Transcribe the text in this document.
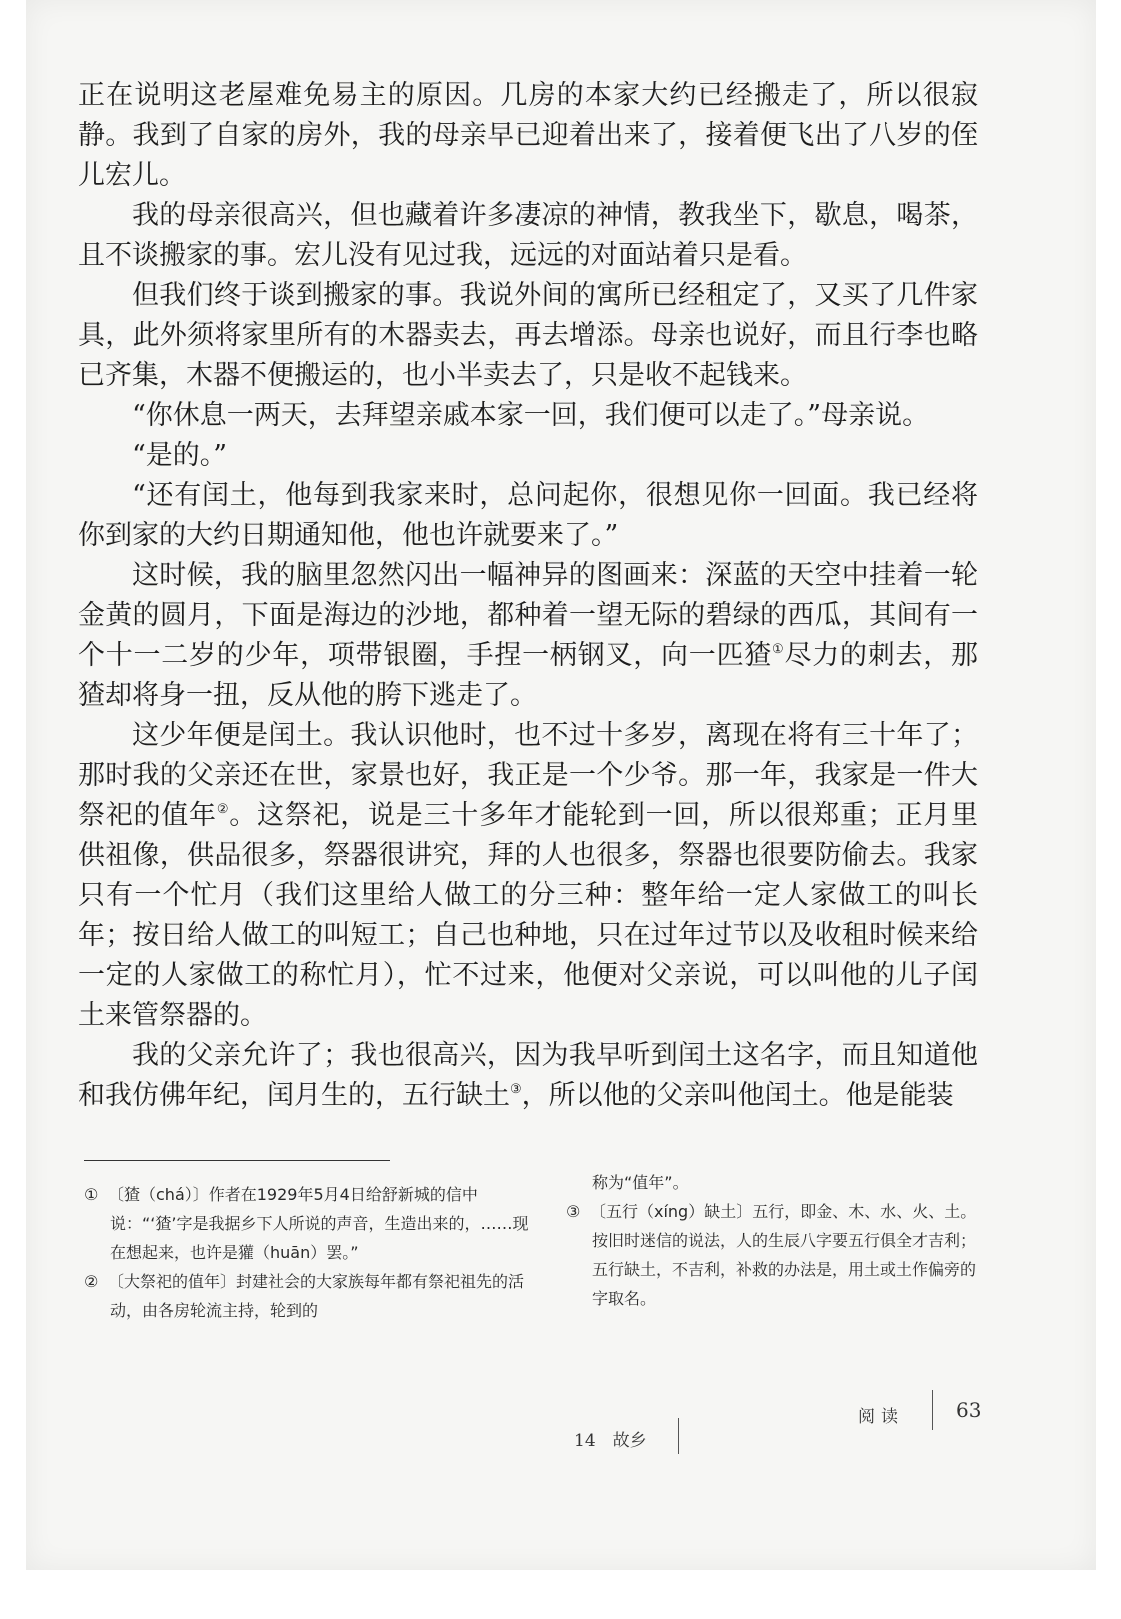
正在说明这老屋难免易主的原因。几房的本家大约已经搬走了，所以很寂静。我到了自家的房外，我的母亲早已迎着出来了，接着便飞出了八岁的侄儿宏儿。

我的母亲很高兴，但也藏着许多凄凉的神情，教我坐下，歇息，喝茶，且不谈搬家的事。宏儿没有见过我，远远的对面站着只是看。

但我们终于谈到搬家的事。我说外间的寓所已经租定了，又买了几件家具，此外须将家里所有的木器卖去，再去增添。母亲也说好，而且行李也略已齐集，木器不便搬运的，也小半卖去了，只是收不起钱来。

“你休息一两天，去拜望亲戚本家一回，我们便可以走了。”母亲说。

“是的。”

“还有闰土，他每到我家来时，总问起你，很想见你一回面。我已经将你到家的大约日期通知他，他也许就要来了。”

这时候，我的脑里忽然闪出一幅神异的图画来：深蓝的天空中挂着一轮金黄的圆月，下面是海边的沙地，都种着一望无际的碧绿的西瓜，其间有一个十一二岁的少年，项带银圈，手捏一柄钢叉，向一匹猹①尽力的刺去，那猹却将身一扭，反从他的胯下逃走了。

这少年便是闰土。我认识他时，也不过十多岁，离现在将有三十年了；那时我的父亲还在世，家景也好，我正是一个少爷。那一年，我家是一件大祭祀的值年②。这祭祀，说是三十多年才能轮到一回，所以很郑重；正月里供祖像，供品很多，祭器很讲究，拜的人也很多，祭器也很要防偷去。我家只有一个忙月（我们这里给人做工的分三种：整年给一定人家做工的叫长年；按日给人做工的叫短工；自己也种地，只在过年过节以及收租时候来给一定的人家做工的称忙月），忙不过来，他便对父亲说，可以叫他的儿子闰土来管祭器的。

我的父亲允许了；我也很高兴，因为我早听到闰土这名字，而且知道他和我仿佛年纪，闰月生的，五行缺土③，所以他的父亲叫他闰土。他是能装

① 〔猹（chá）〕作者在1929年5月4日给舒新城的信中说：“‘猹’字是我据乡下人所说的声音，生造出来的，……现在想起来，也许是獾（huān）罢。”

② 〔大祭祀的值年〕封建社会的大家族每年都有祭祀祖先的活动，由各房轮流主持，轮到的

称为“值年”。

③ 〔五行（xíng）缺土〕五行，即金、木、水、火、土。按旧时迷信的说法，人的生辰八字要五行俱全才吉利；五行缺土，不吉利，补救的办法是，用土或土作偏旁的字取名。

14　故乡
阅读	63
